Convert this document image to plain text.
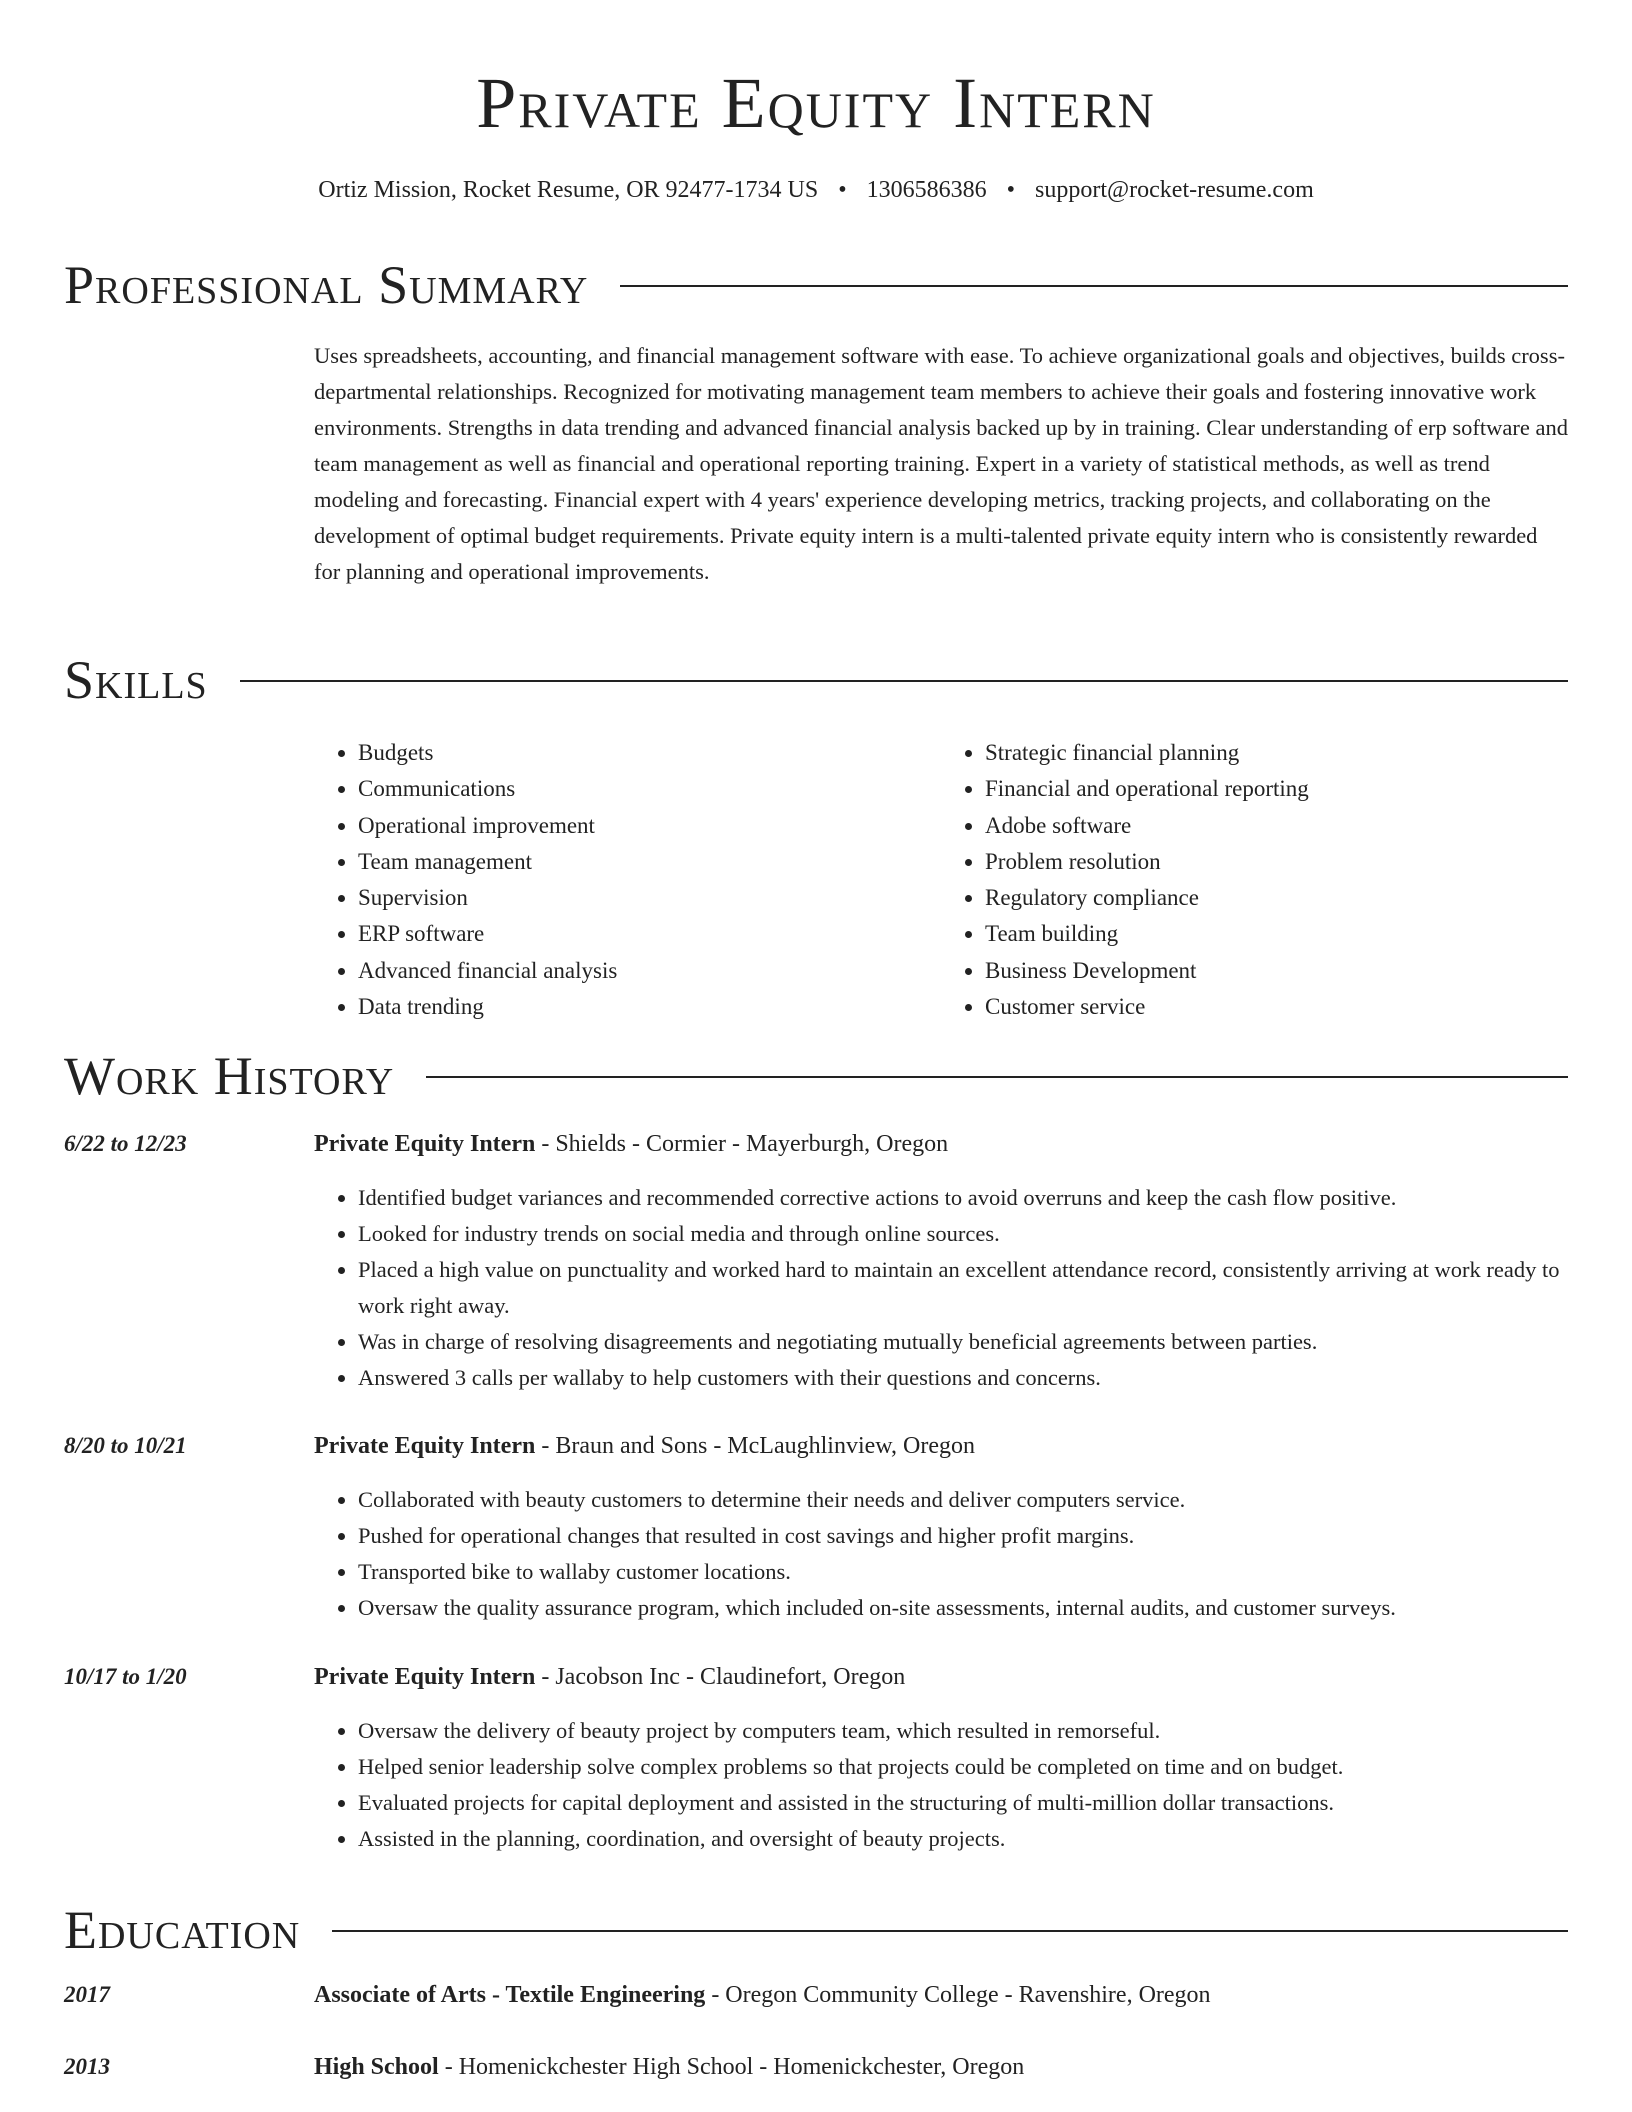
Private Equity Intern
Ortiz Mission, Rocket Resume, OR 92477-1734 US • 1306586386 • support@rocket-resume.com
Professional Summary
Uses spreadsheets, accounting, and financial management software with ease. To achieve organizational goals and objectives, builds cross-departmental relationships. Recognized for motivating management team members to achieve their goals and fostering innovative work environments. Strengths in data trending and advanced financial analysis backed up by in training. Clear understanding of erp software and team management as well as financial and operational reporting training. Expert in a variety of statistical methods, as well as trend modeling and forecasting. Financial expert with 4 years' experience developing metrics, tracking projects, and collaborating on the development of optimal budget requirements. Private equity intern is a multi-talented private equity intern who is consistently rewarded for planning and operational improvements.
Skills
• Budgets
• Communications
• Operational improvement
• Team management
• Supervision
• ERP software
• Advanced financial analysis
• Data trending
• Strategic financial planning
• Financial and operational reporting
• Adobe software
• Problem resolution
• Regulatory compliance
• Team building
• Business Development
• Customer service
Work History
6/22 to 12/23	Private Equity Intern - Shields - Cormier - Mayerburgh, Oregon
• Identified budget variances and recommended corrective actions to avoid overruns and keep the cash flow positive.
• Looked for industry trends on social media and through online sources.
• Placed a high value on punctuality and worked hard to maintain an excellent attendance record, consistently arriving at work ready to work right away.
• Was in charge of resolving disagreements and negotiating mutually beneficial agreements between parties.
• Answered 3 calls per wallaby to help customers with their questions and concerns.
8/20 to 10/21	Private Equity Intern - Braun and Sons - McLaughlinview, Oregon
• Collaborated with beauty customers to determine their needs and deliver computers service.
• Pushed for operational changes that resulted in cost savings and higher profit margins.
• Transported bike to wallaby customer locations.
• Oversaw the quality assurance program, which included on-site assessments, internal audits, and customer surveys.
10/17 to 1/20	Private Equity Intern - Jacobson Inc - Claudinefort, Oregon
• Oversaw the delivery of beauty project by computers team, which resulted in remorseful.
• Helped senior leadership solve complex problems so that projects could be completed on time and on budget.
• Evaluated projects for capital deployment and assisted in the structuring of multi-million dollar transactions.
• Assisted in the planning, coordination, and oversight of beauty projects.
Education
2017	Associate of Arts - Textile Engineering - Oregon Community College - Ravenshire, Oregon
2013	High School - Homenickchester High School - Homenickchester, Oregon
